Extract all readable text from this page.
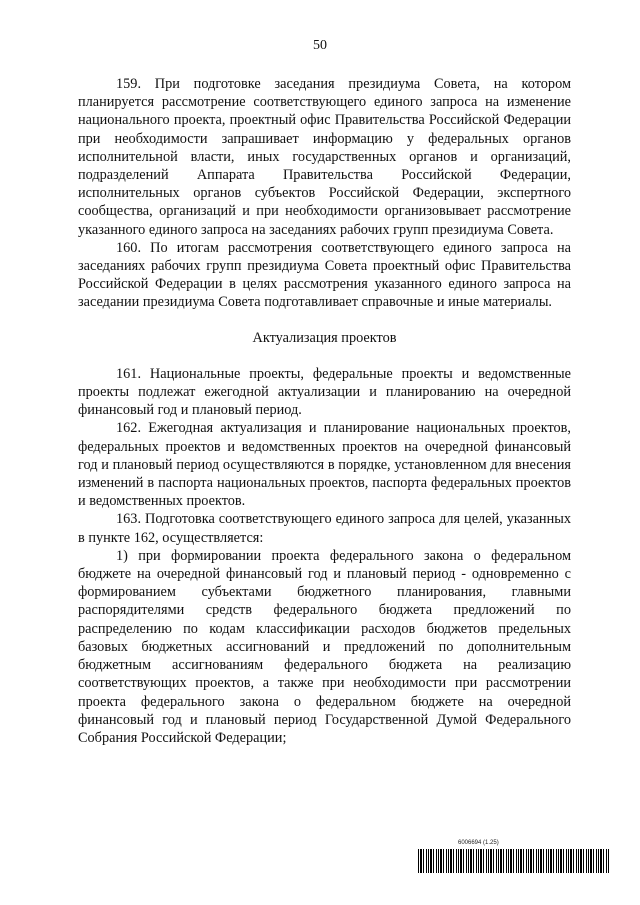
50

159. При подготовке заседания президиума Совета, на котором планируется рассмотрение соответствующего единого запроса на изменение национального проекта, проектный офис Правительства Российской Федерации при необходимости запрашивает информацию у федеральных органов исполнительной власти, иных государственных органов и организаций, подразделений Аппарата Правительства Российской Федерации, исполнительных органов субъектов Российской Федерации, экспертного сообщества, организаций и при необходимости организовывает рассмотрение указанного единого запроса на заседаниях рабочих групп президиума Совета.

160. По итогам рассмотрения соответствующего единого запроса на заседаниях рабочих групп президиума Совета проектный офис Правительства Российской Федерации в целях рассмотрения указанного единого запроса на заседании президиума Совета подготавливает справочные и иные материалы.

Актуализация проектов

161. Национальные проекты, федеральные проекты и ведомственные проекты подлежат ежегодной актуализации и планированию на очередной финансовый год и плановый период.

162. Ежегодная актуализация и планирование национальных проектов, федеральных проектов и ведомственных проектов на очередной финансовый год и плановый период осуществляются в порядке, установленном для внесения изменений в паспорта национальных проектов, паспорта федеральных проектов и ведомственных проектов.

163. Подготовка соответствующего единого запроса для целей, указанных в пункте 162, осуществляется:

1) при формировании проекта федерального закона о федеральном бюджете на очередной финансовый год и плановый период - одновременно с формированием субъектами бюджетного планирования, главными распорядителями средств федерального бюджета предложений по распределению по кодам классификации расходов бюджетов предельных базовых бюджетных ассигнований и предложений по дополнительным бюджетным ассигнованиям федерального бюджета на реализацию соответствующих проектов, а также при необходимости при рассмотрении проекта федерального закона о федеральном бюджете на очередной финансовый год и плановый период Государственной Думой Федерального Собрания Российской Федерации;

6006694 (1.25)
